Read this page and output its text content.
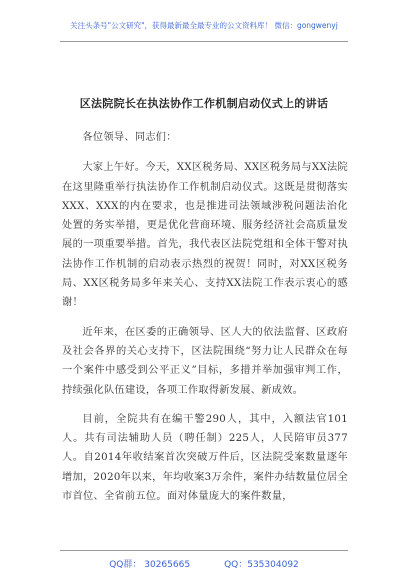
关注头条号"公文研究"，获得最新最全最专业的公文资料库！ 微信：gongwenyj
区法院院长在执法协作工作机制启动仪式上的讲话

各位领导、同志们：

大家上午好。今天，XX区税务局、XX区税务局与XX法院在这里隆重举行执法协作工作机制启动仪式。这既是贯彻落实XXX、XXX的内在要求，也是推进司法领域涉税问题法治化处置的务实举措，更是优化营商环境、服务经济社会高质量发展的一项重要举措。首先，我代表区法院党组和全体干警对执法协作工作机制的启动表示热烈的祝贺！同时，对XX区税务局、XX区税务局多年来关心、支持XX法院工作表示衷心的感谢！

近年来，在区委的正确领导、区人大的依法监督、区政府及社会各界的关心支持下，区法院围绕“努力让人民群众在每一个案件中感受到公平正义”目标，多措并举加强审判工作，持续强化队伍建设，各项工作取得新发展、新成效。

目前，全院共有在编干警290人，其中，入额法官101人。共有司法辅助人员（聘任制）225人，人民陪审员377人。自2014年收结案首次突破万件后，区法院受案数量逐年增加，2020年以来，年均收案3万余件，案件办结数量位居全市首位、全省前五位。面对体量庞大的案件数量，

QQ群： 30265665	QQ：535304092
